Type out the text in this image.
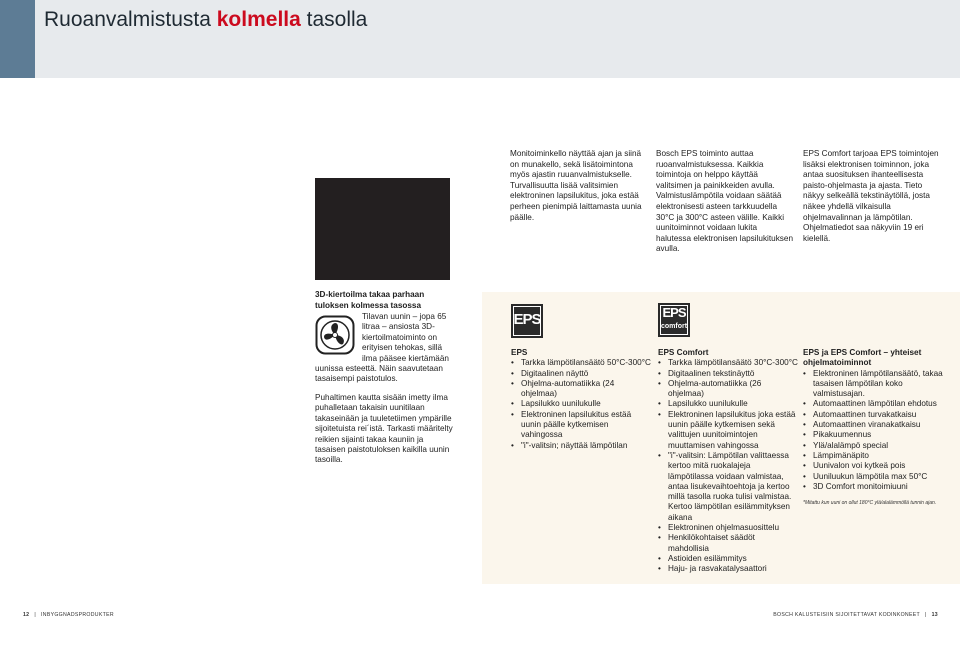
Ruoanvalmistusta kolmella tasolla

Monitoiminkello näyttää ajan ja siinä on munakello, sekä lisätoimintona myös ajastin ruuanvalmistukselle. Turvallisuutta lisää valitsimien elektroninen lapsilukitus, joka estää perheen pienimpiä laittamasta uunia päälle.

Bosch EPS toiminto auttaa ruoanvalmistuksessa. Kaikkia toimintoja on helppo käyttää valitsimen ja painikkeiden avulla. Valmistuslämpötila voidaan säätää elektronisesti asteen tarkkuudella 30°C ja 300°C asteen välille. Kaikki uunitoiminnot voidaan lukita halutessa elektronisen lapsilukituksen avulla.

EPS Comfort tarjoaa EPS toimintojen lisäksi elektronisen toiminnon, joka antaa suosituksen ihanteellisesta paisto-ohjelmasta ja ajasta. Tieto näkyy selkeällä tekstinäytöllä, josta näkee yhdellä vilkaisulla ohjelmavalinnan ja lämpötilan. Ohjelmatiedot saa näkyviin 19 eri kielellä.

3D-kiertoilma takaa parhaan tuloksen kolmessa tasossa
Tilavan uunin – jopa 65 litraa – ansiosta 3D-kiertoilmatoiminto on erityisen tehokas, sillä ilma pääsee kiertämään
uunissa esteettä. Näin saavutetaan tasaisempi paistotulos.
Puhaltimen kautta sisään imetty ilma puhalletaan takaisin uunitilaan takaseinään ja tuuletetiimen ympärille sijoitetuista rei´istä. Tarkasti määritelty reikien sijainti takaa kauniin ja tasaisen paistotuloksen kaikilla uunin tasoilla.
EPS	EPS
comfort
EPS
• Tarkka lämpötilansäätö 50°C-300°C
• Digitaalinen näyttö
• Ohjelma-automatiikka (24 ohjelmaa)
• Lapsilukko uunilukulle
• Elektroninen lapsilukitus estää uunin päälle kytkemisen vahingossa
• "i"-valitsin; näyttää lämpötilan
EPS Comfort
• Tarkka lämpötilansäätö 30°C-300°C
• Digitaalinen tekstinäyttö
• Ohjelma-automatiikka (26 ohjelmaa)
• Lapsilukko uunilukulle
• Elektroninen lapsilukitus joka estää uunin päälle kytkemisen sekä valittujen uunitoimintojen muuttamisen vahingossa
• "i"-valitsin: Lämpötilan valittaessa kertoo mitä ruokalajeja lämpötilassa voidaan valmistaa, antaa lisukevaihtoehtoja ja kertoo millä tasolla ruoka tulisi valmistaa. Kertoo lämpötilan esilämmityksen aikana
• Elektroninen ohjelmasuosittelu
• Henkilökohtaiset säädöt mahdollisia
• Astioiden esilämmitys
• Haju- ja rasvakatalysaattori
EPS ja EPS Comfort – yhteiset ohjelmatoiminnot
• Elektroninen lämpötilansäätö, takaa tasaisen lämpötilan koko valmistusajan.
• Automaattinen lämpötilan ehdotus
• Automaattinen turvakatkaisu
• Automaattinen viranakatkaisu
• Pikakuumennus
• Ylä/alalämpö special
• Lämpimänäpito
• Uunivalon voi kytkeä pois
• Uuniluukun lämpötila max 50°C
• 3D Comfort monitoimiuuni
*Mitattu kun uuni on ollut 180°C ylä/alalämmöllä tunnin ajan.
12 | INBYGGNADSPRODUKTER	BOSCH KALUSTEISIIN SIJOITETTAVAT KODINKONEET | 13
